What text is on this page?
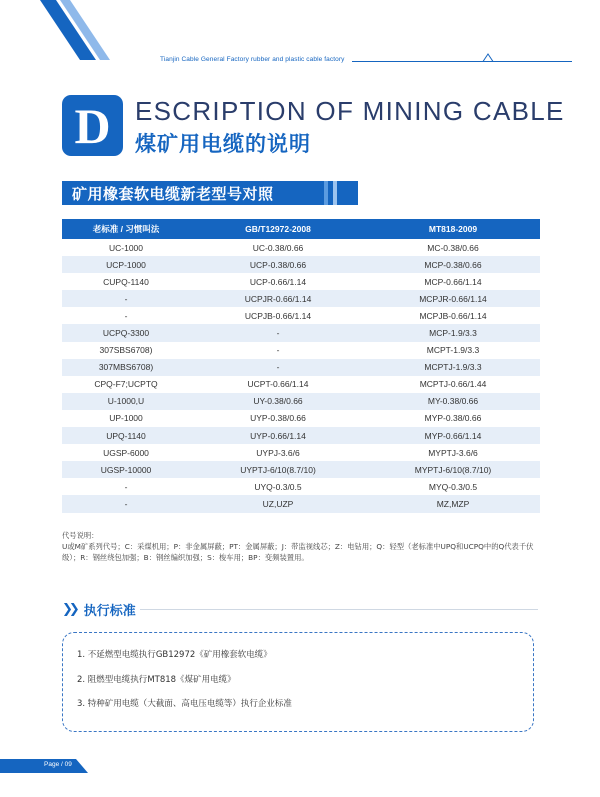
Tianjin Cable General Factory rubber and plastic cable factory
D ESCRIPTION OF MINING CABLE
煤矿用电缆的说明
矿用橡套软电缆新老型号对照
老标准 / 习惯叫法	GB/T12972-2008	MT818-2009
UC-1000	UC-0.38/0.66	MC-0.38/0.66
UCP-1000	UCP-0.38/0.66	MCP-0.38/0.66
CUPQ-1140	UCP-0.66/1.14	MCP-0.66/1.14
-	UCPJR-0.66/1.14	MCPJR-0.66/1.14
-	UCPJB-0.66/1.14	MCPJB-0.66/1.14
UCPQ-3300	-	MCP-1.9/3.3
307SBS6708)	-	MCPT-1.9/3.3
307MBS6708)	-	MCPTJ-1.9/3.3
CPQ-F7;UCPTQ	UCPT-0.66/1.14	MCPTJ-0.66/1.44
U-1000,U	UY-0.38/0.66	MY-0.38/0.66
UP-1000	UYP-0.38/0.66	MYP-0.38/0.66
UPQ-1140	UYP-0.66/1.14	MYP-0.66/1.14
UGSP-6000	UYPJ-3.6/6	MYPTJ-3.6/6
UGSP-10000	UYPTJ-6/10(8.7/10)	MYPTJ-6/10(8.7/10)
-	UYQ-0.3/0.5	MYQ-0.3/0.5
-	UZ,UZP	MZ,MZP
代号说明：
U或M矿系列代号；C：采煤机用；P：非金属屏蔽；PT：金属屏蔽；J：带监视线芯；Z：电钻用；Q：轻型（老标准中UPQ和UCPQ中的Q代表千伏级）；R：钢丝绕包加强；B：钢丝编织加强；S：梭车用；BP：变频装置用。
❯❯ 执行标准
1. 不延燃型电缆执行GB12972《矿用橡套软电缆》
2. 阻燃型电缆执行MT818《煤矿用电缆》
3. 特种矿用电缆（大截面、高电压电缆等）执行企业标准
Page / 09
